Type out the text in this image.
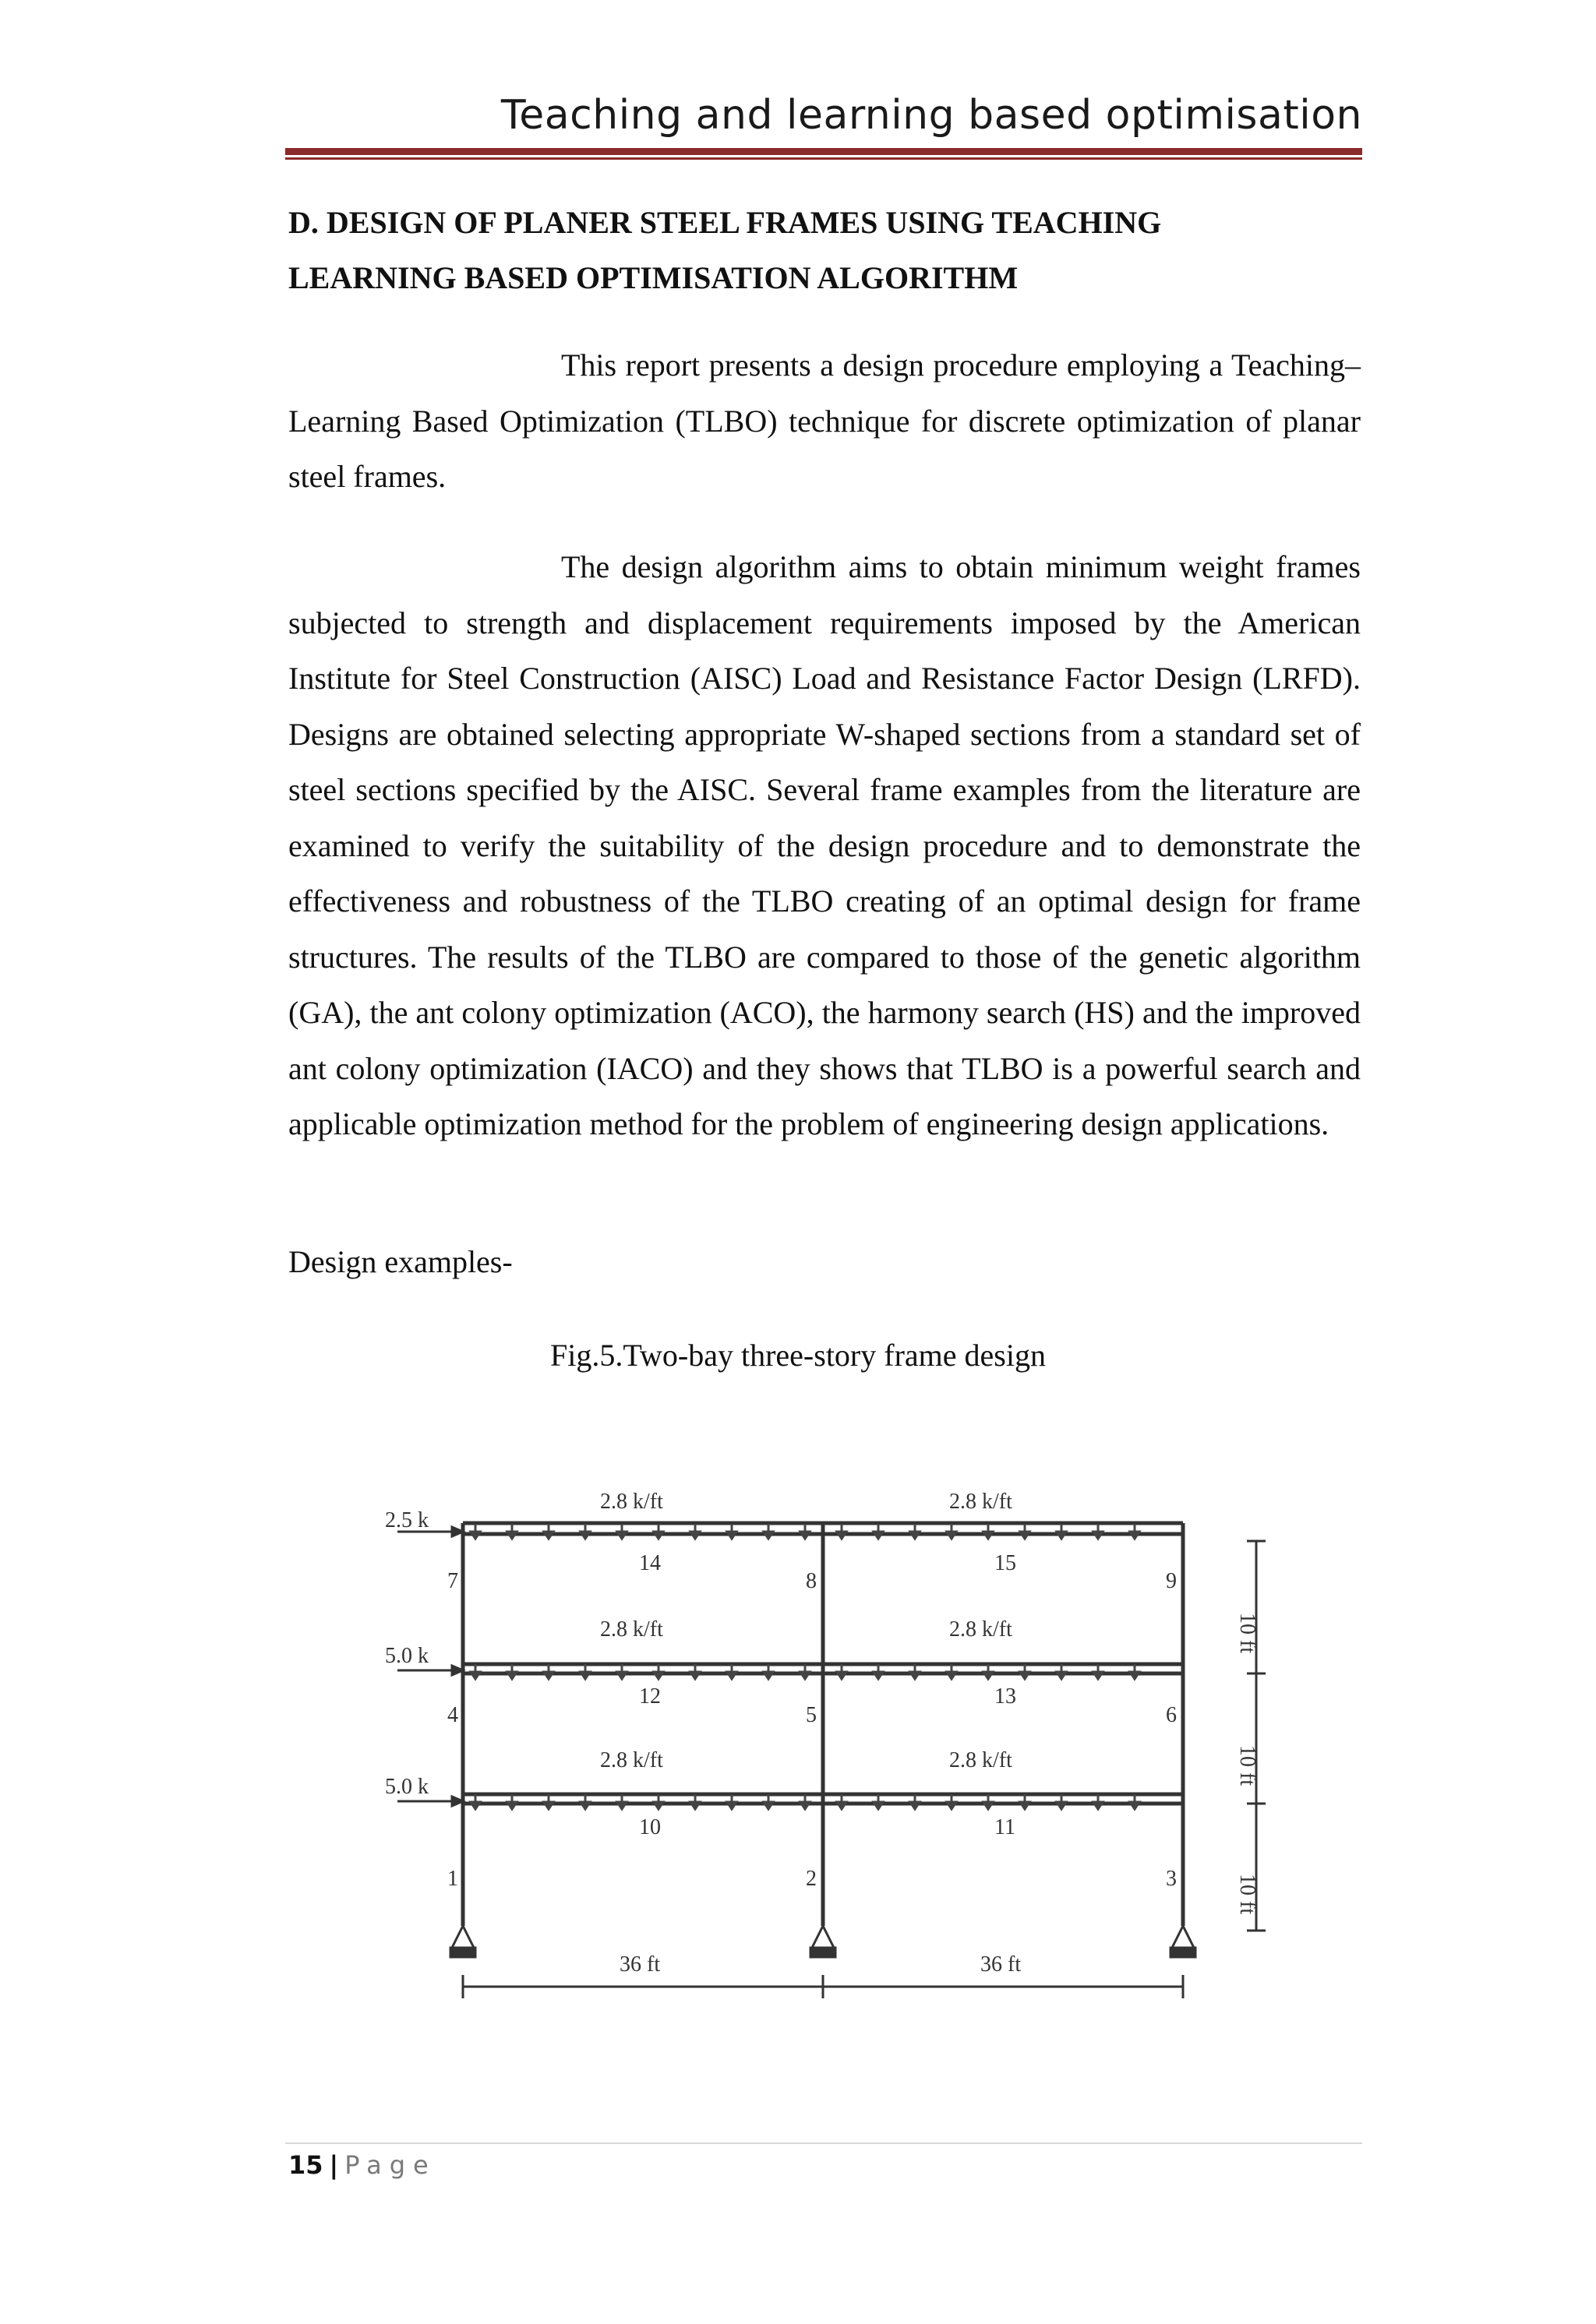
Teaching and learning based optimisation
D. DESIGN OF PLANER STEEL FRAMES USING TEACHING
LEARNING BASED OPTIMISATION ALGORITHM
This report presents a design procedure employing a Teaching–Learning Based Optimization (TLBO) technique for discrete optimization of planar steel frames.
The design algorithm aims to obtain minimum weight frames subjected to strength and displacement requirements imposed by the American Institute for Steel Construction (AISC) Load and Resistance Factor Design (LRFD). Designs are obtained selecting appropriate W-shaped sections from a standard set of steel sections specified by the AISC. Several frame examples from the literature are examined to verify the suitability of the design procedure and to demonstrate the effectiveness and robustness of the TLBO creating of an optimal design for frame structures. The results of the TLBO are compared to those of the genetic algorithm (GA), the ant colony optimization (ACO), the harmony search (HS) and the improved ant colony optimization (IACO) and they shows that TLBO is a powerful search and applicable optimization method for the problem of engineering design applications.
Design examples-
Fig.5.Two-bay three-story frame design
2.8 k/ft	2.8 k/ft
2.8 k/ft	2.8 k/ft
2.8 k/ft	2.8 k/ft
2.5 k
5.0 k
5.0 k
7
4
1
8
5
2
9
6
3
14	15
12	13
10	11
36 ft	36 ft
10 ft
10 ft
10 ft
15 | Page
